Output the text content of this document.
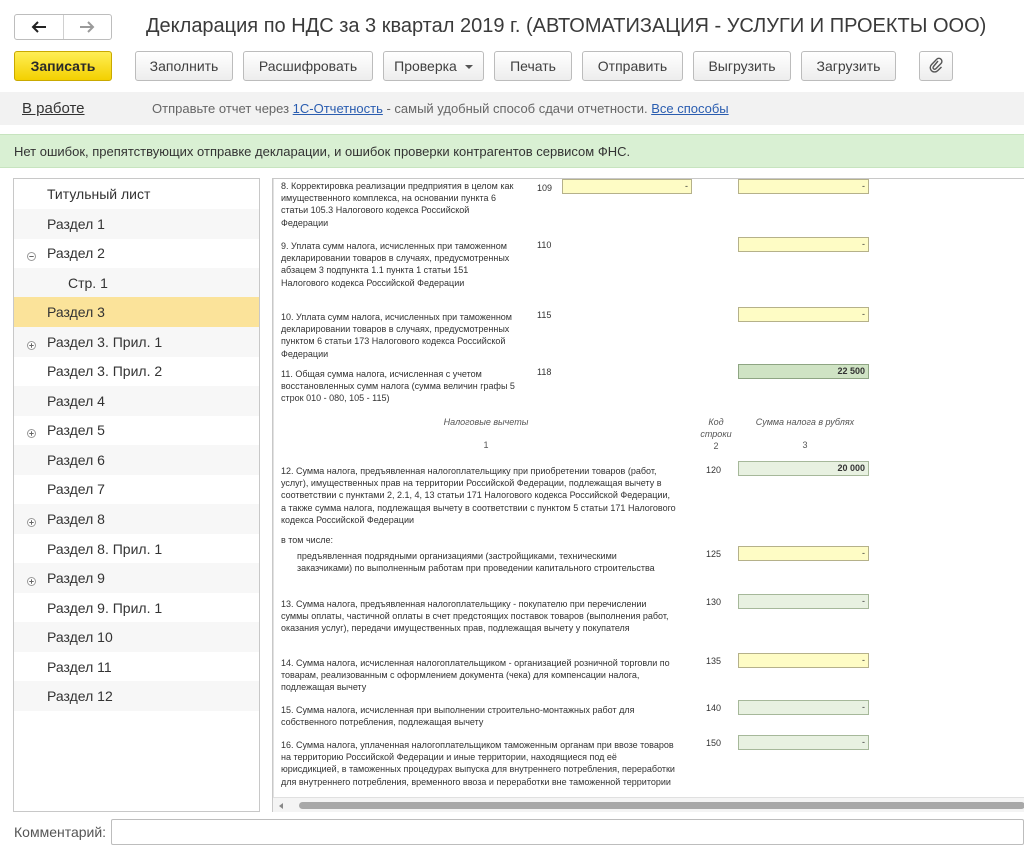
Декларация по НДС за 3 квартал 2019 г. (АВТОМАТИЗАЦИЯ - УСЛУГИ И ПРОЕКТЫ ООО)
Записать	Заполнить	Расшифровать	Проверка	Печать	Отправить	Выгрузить	Загрузить
В работе	Отправьте отчет через 1С-Отчетность - самый удобный способ сдачи отчетности. Все способы
Нет ошибок, препятствующих отправке декларации, и ошибок проверки контрагентов сервисом ФНС.
Титульный лист
Раздел 1
Раздел 2
Стр. 1
Раздел 3
Раздел 3. Прил. 1
Раздел 3. Прил. 2
Раздел 4
Раздел 5
Раздел 6
Раздел 7
Раздел 8
Раздел 8. Прил. 1
Раздел 9
Раздел 9. Прил. 1
Раздел 10
Раздел 11
Раздел 12
8. Корректировка реализации предприятия в целом как имущественного комплекса, на основании пункта 6 статьи 105.3 Налогового кодекса Российской Федерации
109	-	-
9. Уплата сумм налога, исчисленных при таможенном декларировании товаров в случаях, предусмотренных абзацем 3 подпункта 1.1 пункта 1 статьи 151 Налогового кодекса Российской Федерации
110	-
10. Уплата сумм налога, исчисленных при таможенном декларировании товаров в случаях, предусмотренных пунктом 6 статьи 173 Налогового кодекса Российской Федерации
115	-
11. Общая сумма налога, исчисленная с учетом восстановленных сумм налога (сумма величин графы 5 строк 010 - 080, 105 - 115)
118	22 500
Налоговые вычеты
1
Код
строки
2
Сумма налога в рублях
3
12. Сумма налога, предъявленная налогоплательщику при приобретении товаров (работ, услуг), имущественных прав на территории Российской Федерации, подлежащая вычету в соответствии с пунктами 2, 2.1, 4, 13 статьи 171 Налогового кодекса Российской Федерации, а также сумма налога, подлежащая вычету в соответствии с пунктом 5 статьи 171 Налогового кодекса Российской Федерации
120	20 000
в том числе:
предъявленная подрядными организациями (застройщиками, техническими заказчиками) по выполненным работам при проведении капитального строительства
125	-
13. Сумма налога, предъявленная налогоплательщику - покупателю при перечислении суммы оплаты, частичной оплаты в счет предстоящих поставок товаров (выполнения работ, оказания услуг), передачи имущественных прав, подлежащая вычету у покупателя
130	-
14. Сумма налога, исчисленная налогоплательщиком - организацией розничной торговли по товарам, реализованным с оформлением документа (чека) для компенсации налога, подлежащая вычету
135	-
15. Сумма налога, исчисленная при выполнении строительно-монтажных работ для собственного потребления, подлежащая вычету
140	-
16. Сумма налога, уплаченная налогоплательщиком таможенным органам при ввозе товаров на территорию Российской Федерации и иные территории, находящиеся под её юрисдикцией, в таможенных процедурах выпуска для внутреннего потребления, переработки для внутреннего потребления, временного ввоза и переработки вне таможенной территории
150	-
Комментарий:
